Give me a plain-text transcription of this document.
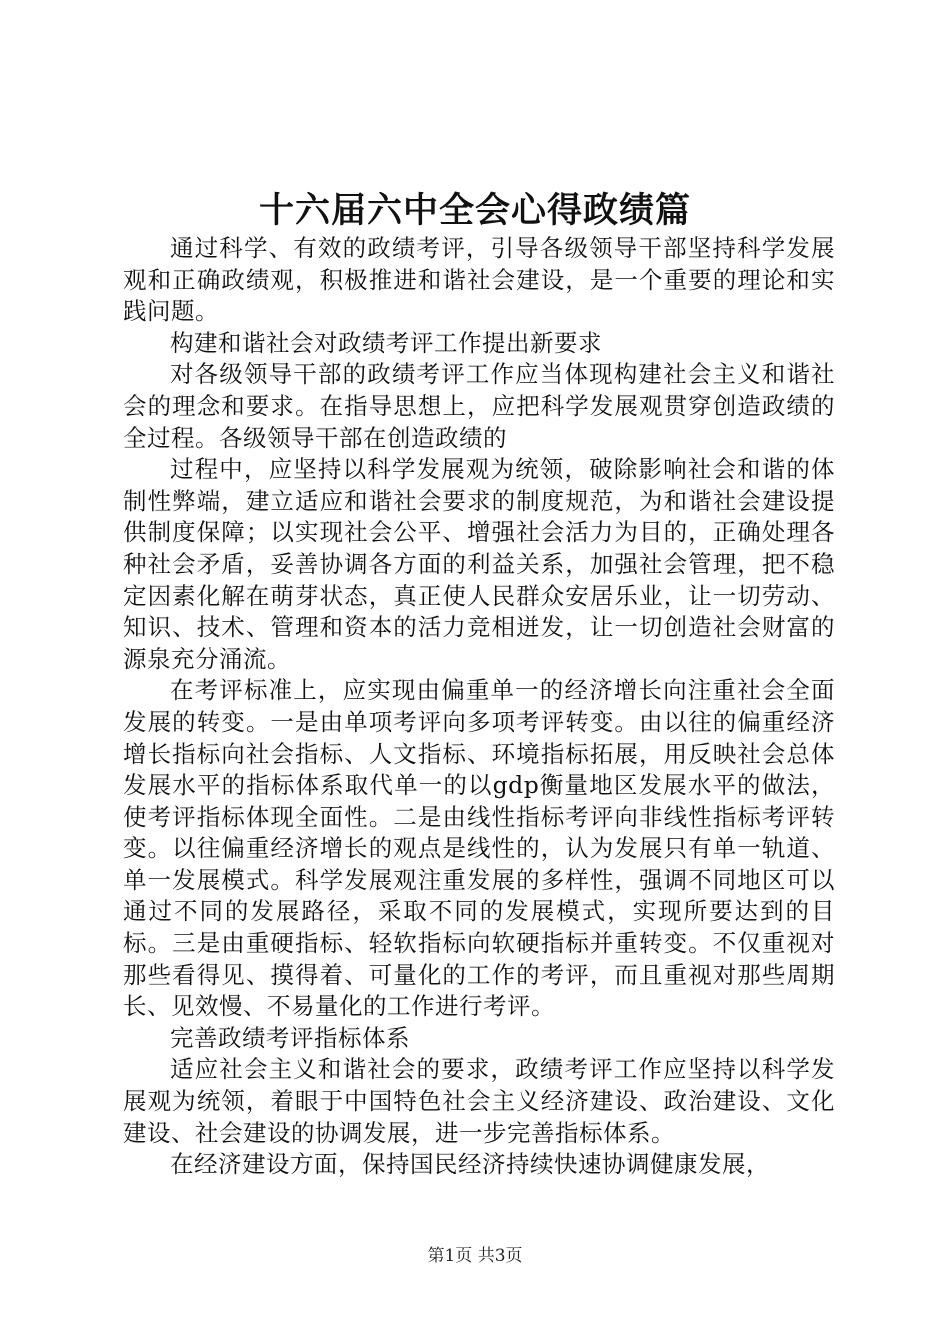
十六届六中全会心得政绩篇

通过科学、有效的政绩考评，引导各级领导干部坚持科学发展观和正确政绩观，积极推进和谐社会建设，是一个重要的理论和实践问题。

构建和谐社会对政绩考评工作提出新要求

对各级领导干部的政绩考评工作应当体现构建社会主义和谐社会的理念和要求。在指导思想上，应把科学发展观贯穿创造政绩的全过程。各级领导干部在创造政绩的

过程中，应坚持以科学发展观为统领，破除影响社会和谐的体制性弊端，建立适应和谐社会要求的制度规范，为和谐社会建设提供制度保障；以实现社会公平、增强社会活力为目的，正确处理各种社会矛盾，妥善协调各方面的利益关系，加强社会管理，把不稳定因素化解在萌芽状态，真正使人民群众安居乐业，让一切劳动、知识、技术、管理和资本的活力竞相迸发，让一切创造社会财富的源泉充分涌流。

在考评标准上，应实现由偏重单一的经济增长向注重社会全面发展的转变。一是由单项考评向多项考评转变。由以往的偏重经济增长指标向社会指标、人文指标、环境指标拓展，用反映社会总体发展水平的指标体系取代单一的以gdp衡量地区发展水平的做法，使考评指标体现全面性。二是由线性指标考评向非线性指标考评转变。以往偏重经济增长的观点是线性的，认为发展只有单一轨道、单一发展模式。科学发展观注重发展的多样性，强调不同地区可以通过不同的发展路径，采取不同的发展模式，实现所要达到的目标。三是由重硬指标、轻软指标向软硬指标并重转变。不仅重视对那些看得见、摸得着、可量化的工作的考评，而且重视对那些周期长、见效慢、不易量化的工作进行考评。

完善政绩考评指标体系

适应社会主义和谐社会的要求，政绩考评工作应坚持以科学发展观为统领，着眼于中国特色社会主义经济建设、政治建设、文化建设、社会建设的协调发展，进一步完善指标体系。

在经济建设方面，保持国民经济持续快速协调健康发展，

第1页 共3页
